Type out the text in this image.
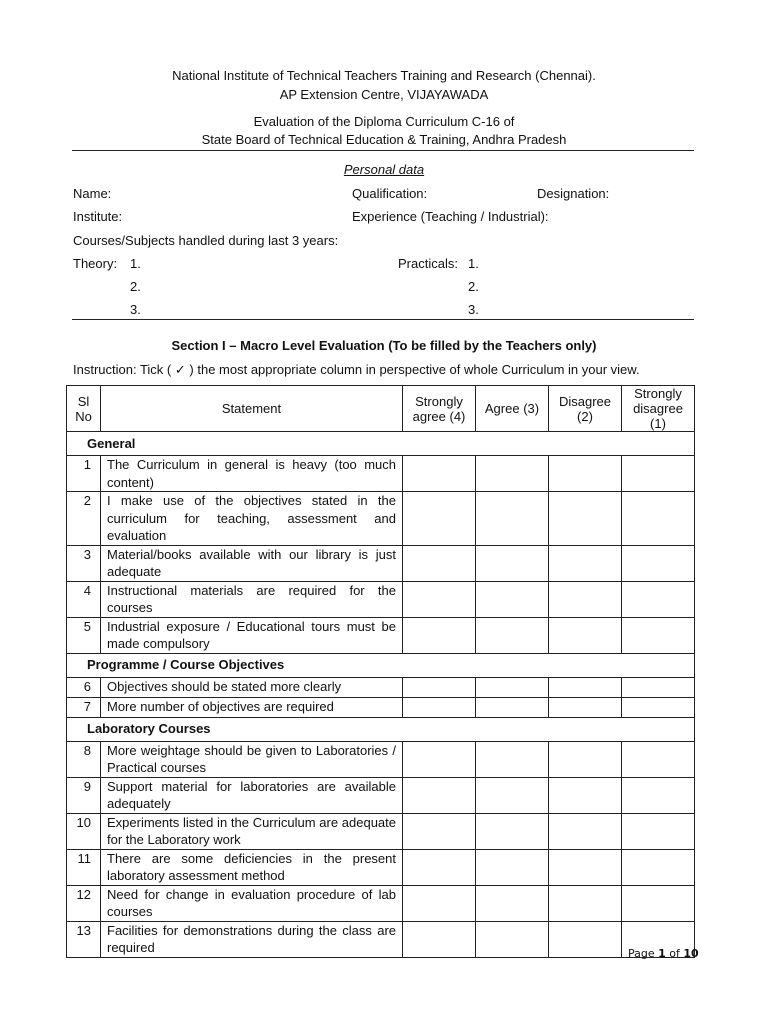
National Institute of Technical Teachers Training and Research (Chennai).
AP Extension Centre, VIJAYAWADA
Evaluation of the Diploma Curriculum C-16 of
State Board of Technical Education & Training, Andhra Pradesh
Personal data
Name:	Qualification:	Designation:
Institute:	Experience (Teaching / Industrial):
Courses/Subjects handled during last 3 years:
Theory: 1.
2.
3.
Practicals: 1.
2.
3.
Section I – Macro Level Evaluation (To be filled by the Teachers only)
Instruction: Tick ( ✓ ) the most appropriate column in perspective of whole Curriculum in your view.
Sl No	Statement	Strongly agree (4)	Agree (3)	Disagree (2)	Strongly disagree (1)
General					
1	The Curriculum in general is heavy (too much content)				
2	I make use of the objectives stated in the curriculum for teaching, assessment and evaluation				
3	Material/books available with our library is just adequate				
4	Instructional materials are required for the courses				
5	Industrial exposure / Educational tours must be made compulsory				
Programme / Course Objectives					
6	Objectives should be stated more clearly				
7	More number of objectives are required				
Laboratory Courses					
8	More weightage should be given to Laboratories / Practical courses				
9	Support material for laboratories are available adequately				
10	Experiments listed in the Curriculum are adequate for the Laboratory work				
11	There are some deficiencies in the present laboratory assessment method				
12	Need for change in evaluation procedure of lab courses				
13	Facilities for demonstrations during the class are required					Page 1 of 10
